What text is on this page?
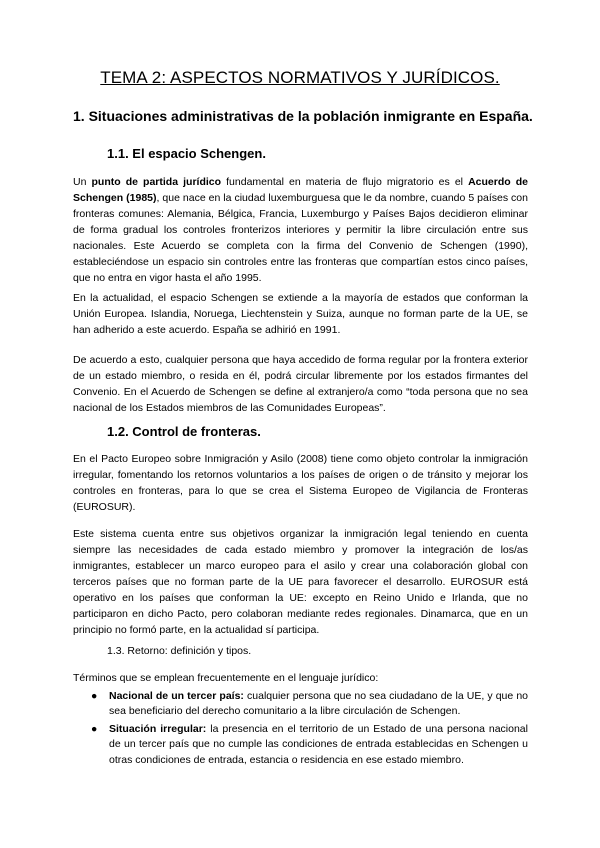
TEMA 2: ASPECTOS NORMATIVOS Y JURÍDICOS.
1. Situaciones administrativas de la población inmigrante en España.
1.1. El espacio Schengen.
Un punto de partida jurídico fundamental en materia de flujo migratorio es el Acuerdo de Schengen (1985), que nace en la ciudad luxemburguesa que le da nombre, cuando 5 países con fronteras comunes: Alemania, Bélgica, Francia, Luxemburgo y Países Bajos decidieron eliminar de forma gradual los controles fronterizos interiores y permitir la libre circulación entre sus nacionales. Este Acuerdo se completa con la firma del Convenio de Schengen (1990), estableciéndose un espacio sin controles entre las fronteras que compartían estos cinco países, que no entra en vigor hasta el año 1995.
En la actualidad, el espacio Schengen se extiende a la mayoría de estados que conforman la Unión Europea. Islandia, Noruega, Liechtenstein y Suiza, aunque no forman parte de la UE, se han adherido a este acuerdo. España se adhirió en 1991.
De acuerdo a esto, cualquier persona que haya accedido de forma regular por la frontera exterior de un estado miembro, o resida en él, podrá circular libremente por los estados firmantes del Convenio. En el Acuerdo de Schengen se define al extranjero/a como “toda persona que no sea nacional de los Estados miembros de las Comunidades Europeas”.
1.2. Control de fronteras.
En el Pacto Europeo sobre Inmigración y Asilo (2008) tiene como objeto controlar la inmigración irregular, fomentando los retornos voluntarios a los países de origen o de tránsito y mejorar los controles en fronteras, para lo que se crea el Sistema Europeo de Vigilancia de Fronteras (EUROSUR).
Este sistema cuenta entre sus objetivos organizar la inmigración legal teniendo en cuenta siempre las necesidades de cada estado miembro y promover la integración de los/as inmigrantes, establecer un marco europeo para el asilo y crear una colaboración global con terceros países que no forman parte de la UE para favorecer el desarrollo. EUROSUR está operativo en los países que conforman la UE: excepto en Reino Unido e Irlanda, que no participaron en dicho Pacto, pero colaboran mediante redes regionales. Dinamarca, que en un principio no formó parte, en la actualidad sí participa.
1.3. Retorno: definición y tipos.
Términos que se emplean frecuentemente en el lenguaje jurídico:
● Nacional de un tercer país: cualquier persona que no sea ciudadano de la UE, y que no sea beneficiario del derecho comunitario a la libre circulación de Schengen.
● Situación irregular: la presencia en el territorio de un Estado de una persona nacional de un tercer país que no cumple las condiciones de entrada establecidas en Schengen u otras condiciones de entrada, estancia o residencia en ese estado miembro.
